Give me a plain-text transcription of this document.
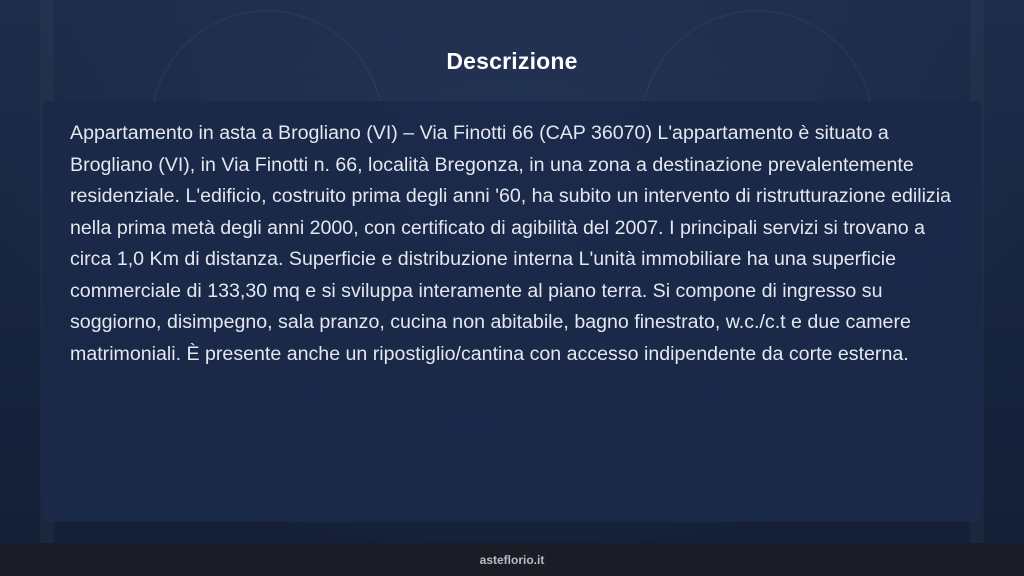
Descrizione

Appartamento in asta a Brogliano (VI) – Via Finotti 66 (CAP 36070) L'appartamento è situato a Brogliano (VI), in Via Finotti n. 66, località Bregonza, in una zona a destinazione prevalentemente residenziale. L'edificio, costruito prima degli anni '60, ha subito un intervento di ristrutturazione edilizia nella prima metà degli anni 2000, con certificato di agibilità del 2007. I principali servizi si trovano a circa 1,0 Km di distanza. Superficie e distribuzione interna L'unità immobiliare ha una superficie commerciale di 133,30 mq e si sviluppa interamente al piano terra. Si compone di ingresso su soggiorno, disimpegno, sala pranzo, cucina non abitabile, bagno finestrato, w.c./c.t e due camere matrimoniali. È presente anche un ripostiglio/cantina con accesso indipendente da corte esterna.

asteflorio.it
